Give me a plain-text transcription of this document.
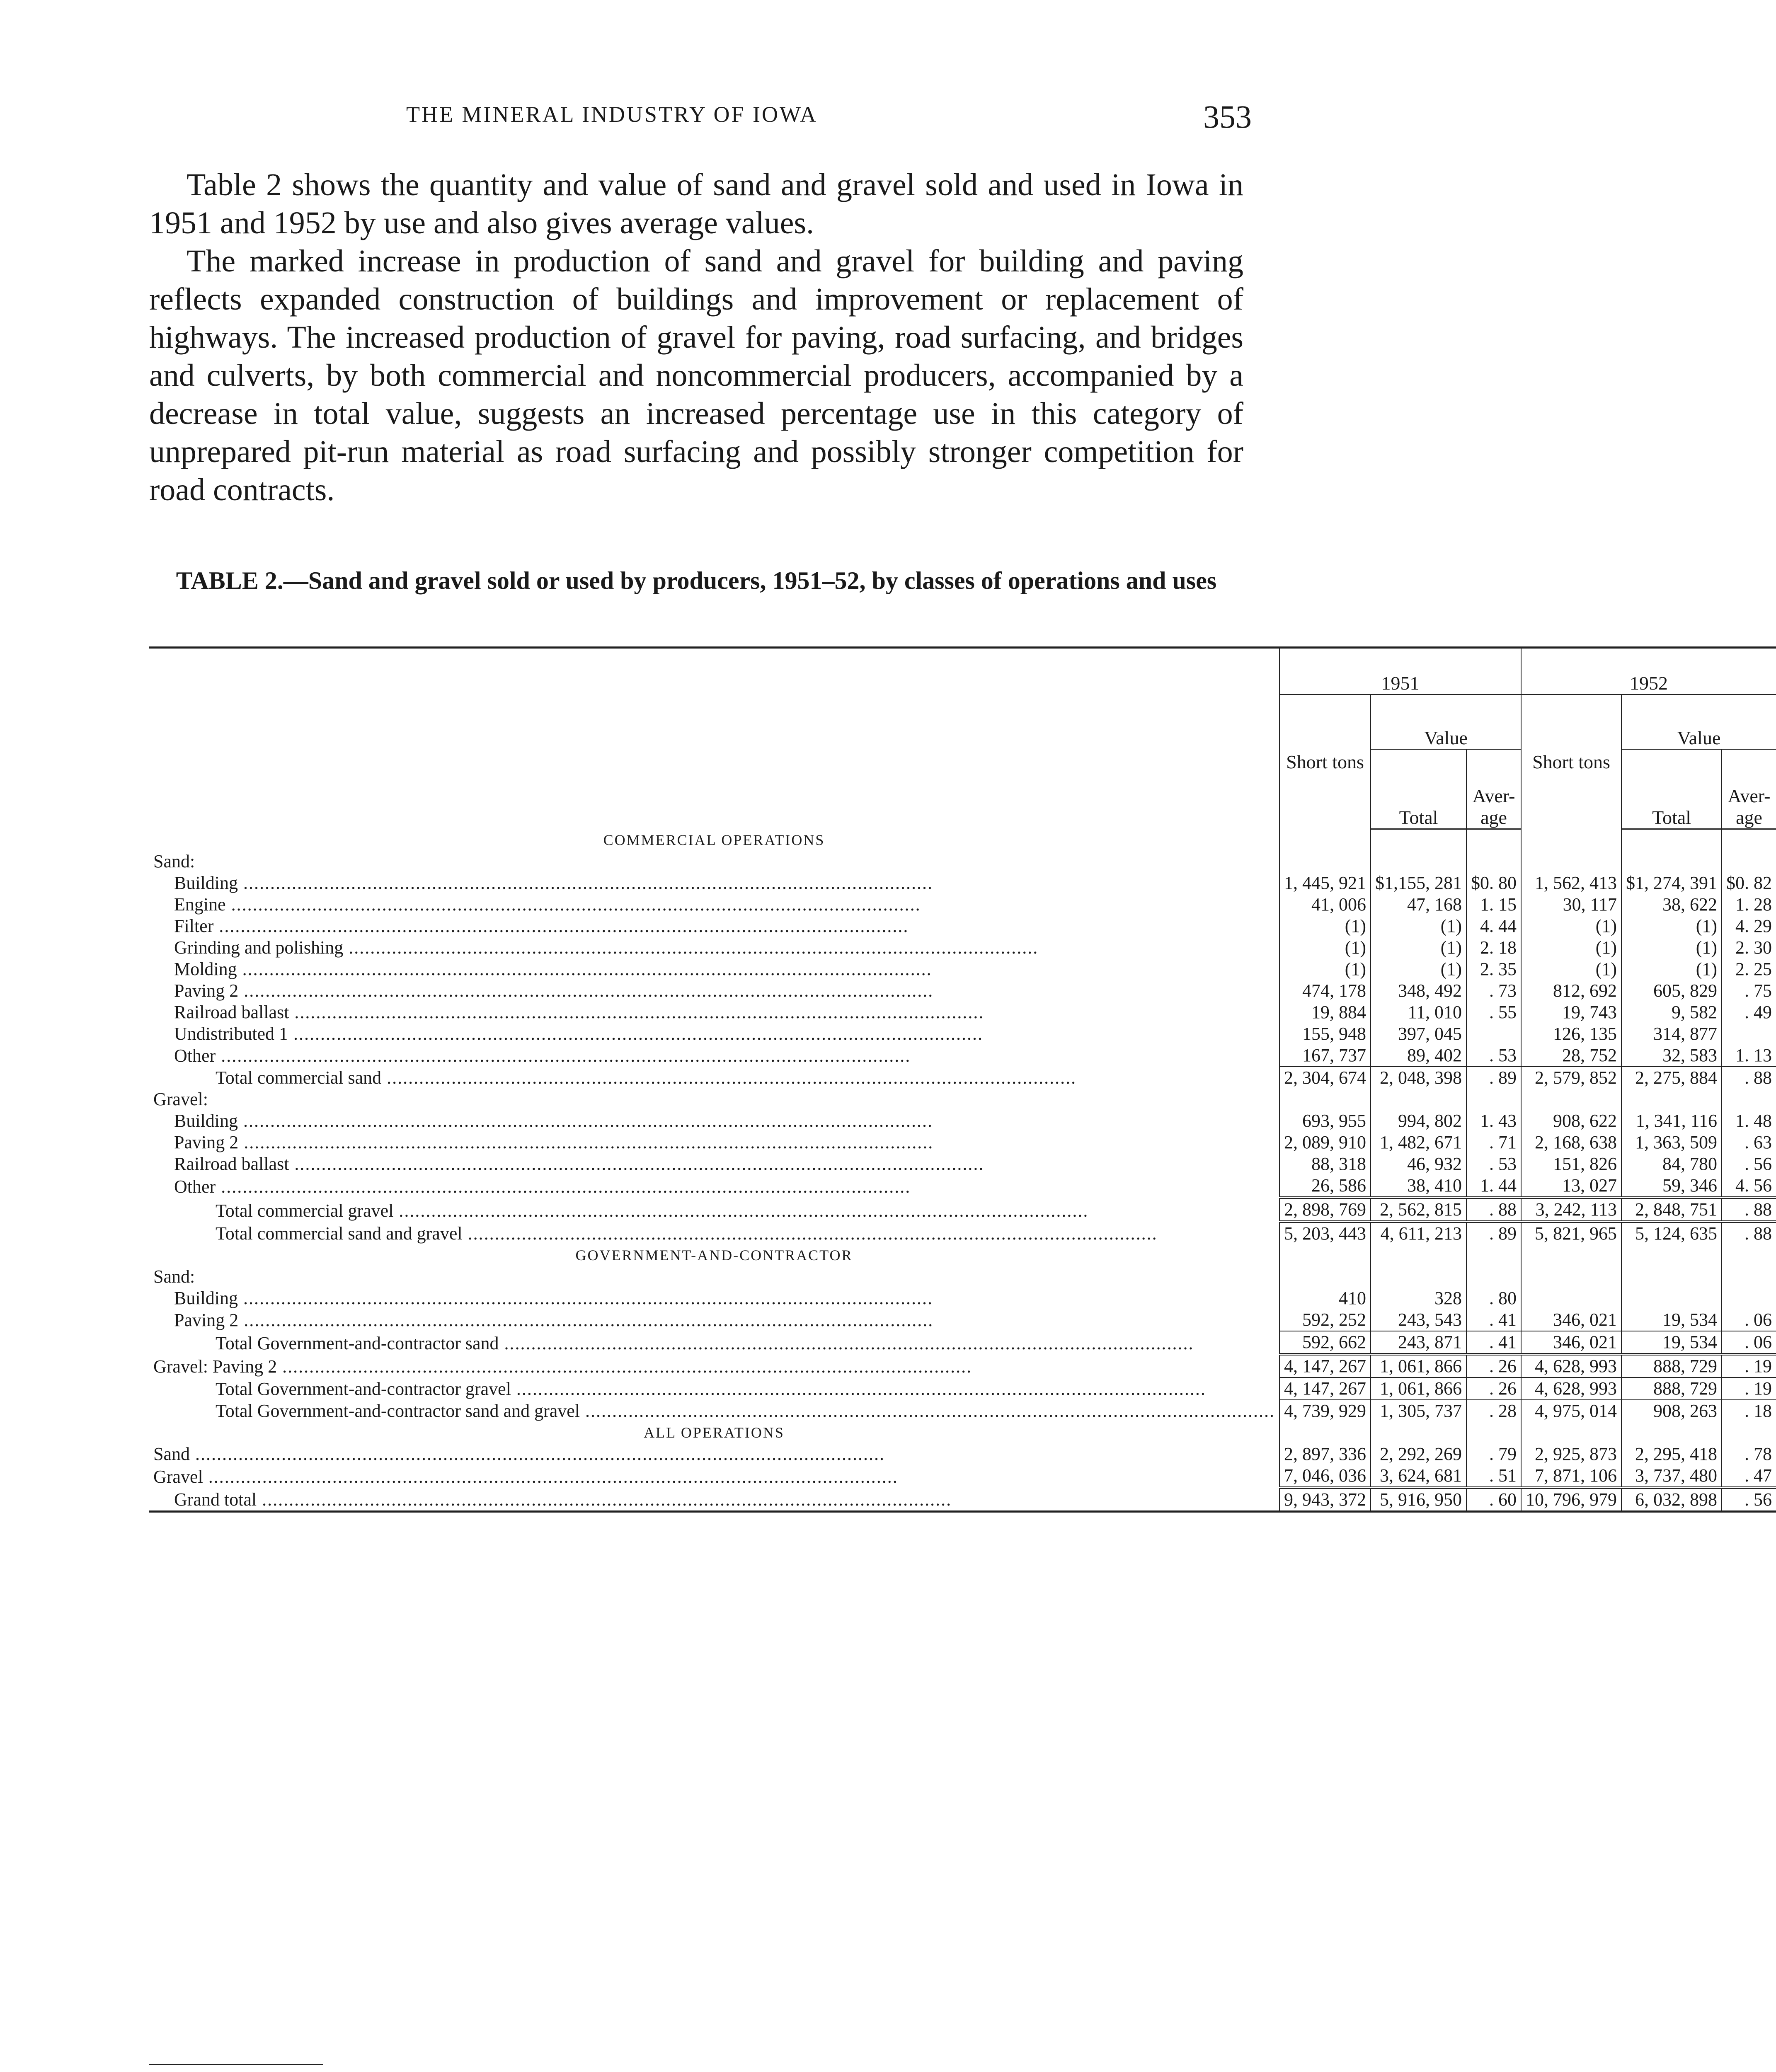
THE MINERAL INDUSTRY OF IOWA	353

Table 2 shows the quantity and value of sand and gravel sold and used in Iowa in 1951 and 1952 by use and also gives average values.

The marked increase in production of sand and gravel for building and paving reflects expanded construction of buildings and improvement or replacement of highways. The increased production of gravel for paving, road surfacing, and bridges and culverts, by both commercial and noncommercial producers, accompanied by a decrease in total value, suggests an increased percentage use in this category of unprepared pit-run material as road surfacing and possibly stronger competition for road contracts.

TABLE 2.—Sand and gravel sold or used by producers, 1951–52, by classes of operations and uses
	1951			1952		
	Short tons	Value		Short tons	Value	
		Total	Aver-age		Total	Aver-age
COMMERCIAL OPERATIONS						
Sand:						
Building .....	1, 445, 921	$1,155, 281	$0. 80	1, 562, 413	$1, 274, 391	$0. 82
Engine .....	41, 006	47, 168	1. 15	30, 117	38, 622	1. 28
Filter .....	(1)	(1)	4. 44	(1)	(1)	4. 29
Grinding and polishing .....	(1)	(1)	2. 18	(1)	(1)	2. 30
Molding .....	(1)	(1)	2. 35	(1)	(1)	2. 25
Paving 2 .....	474, 178	348, 492	. 73	812, 692	605, 829	. 75
Railroad ballast .....	19, 884	11, 010	. 55	19, 743	9, 582	. 49
Undistributed 1 .....	155, 948	397, 045		126, 135	314, 877	
Other .....	167, 737	89, 402	. 53	28, 752	32, 583	1. 13
Total commercial sand .....	2, 304, 674	2, 048, 398	. 89	2, 579, 852	2, 275, 884	. 88
Gravel:						
Building .....	693, 955	994, 802	1. 43	908, 622	1, 341, 116	1. 48
Paving 2 .....	2, 089, 910	1, 482, 671	. 71	2, 168, 638	1, 363, 509	. 63
Railroad ballast .....	88, 318	46, 932	. 53	151, 826	84, 780	. 56
Other .....	26, 586	38, 410	1. 44	13, 027	59, 346	4. 56
Total commercial gravel .....	2, 898, 769	2, 562, 815	. 88	3, 242, 113	2, 848, 751	. 88
Total commercial sand and gravel .....	5, 203, 443	4, 611, 213	. 89	5, 821, 965	5, 124, 635	. 88
GOVERNMENT-AND-CONTRACTOR						
Sand:						
Building .....	410	328	. 80			
Paving 2 .....	592, 252	243, 543	. 41	346, 021	19, 534	. 06
Total Government-and-contractor sand .....	592, 662	243, 871	. 41	346, 021	19, 534	. 06
Gravel: Paving 2 .....	4, 147, 267	1, 061, 866	. 26	4, 628, 993	888, 729	. 19
Total Government-and-contractor gravel .....	4, 147, 267	1, 061, 866	. 26	4, 628, 993	888, 729	. 19
Total Government-and-contractor sand and gravel .....	4, 739, 929	1, 305, 737	. 28	4, 975, 014	908, 263	. 18
ALL OPERATIONS						
Sand .....	2, 897, 336	2, 292, 269	. 79	2, 925, 873	2, 295, 418	. 78
Gravel .....	7, 046, 036	3, 624, 681	. 51	7, 871, 106	3, 737, 480	. 47
Grand total .....	9, 943, 372	5, 916, 950	. 60	10, 796, 979	6, 032, 898	. 56
